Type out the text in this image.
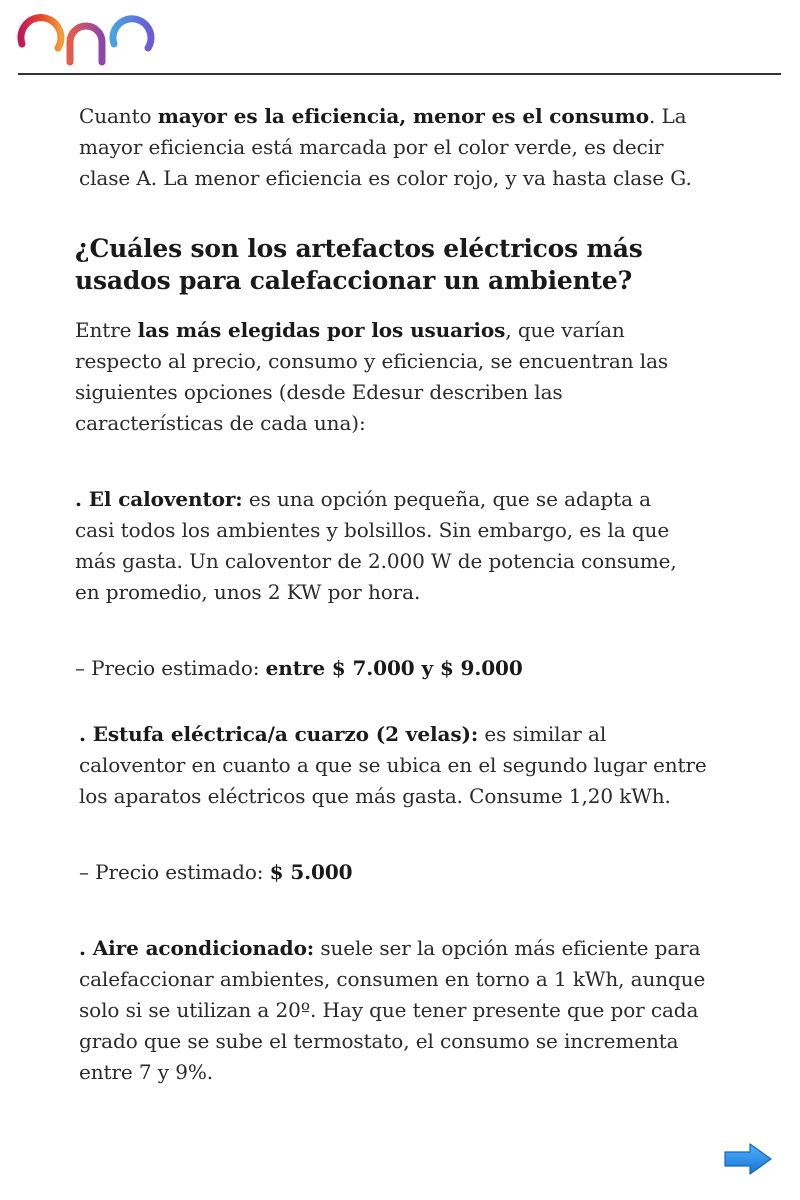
Cuanto mayor es la eficiencia, menor es el consumo. La mayor eficiencia está marcada por el color verde, es decir clase A. La menor eficiencia es color rojo, y va hasta clase G.

¿Cuáles son los artefactos eléctricos más usados para calefaccionar un ambiente?

Entre las más elegidas por los usuarios, que varían respecto al precio, consumo y eficiencia, se encuentran las siguientes opciones (desde Edesur describen las características de cada una):

. El caloventor: es una opción pequeña, que se adapta a casi todos los ambientes y bolsillos. Sin embargo, es la que más gasta. Un caloventor de 2.000 W de potencia consume, en promedio, unos 2 KW por hora.

– Precio estimado: entre $ 7.000 y $ 9.000

. Estufa eléctrica/a cuarzo (2 velas): es similar al caloventor en cuanto a que se ubica en el segundo lugar entre los aparatos eléctricos que más gasta. Consume 1,20 kWh.

– Precio estimado: $ 5.000

. Aire acondicionado: suele ser la opción más eficiente para calefaccionar ambientes, consumen en torno a 1 kWh, aunque solo si se utilizan a 20º. Hay que tener presente que por cada grado que se sube el termostato, el consumo se incrementa entre 7 y 9%.
